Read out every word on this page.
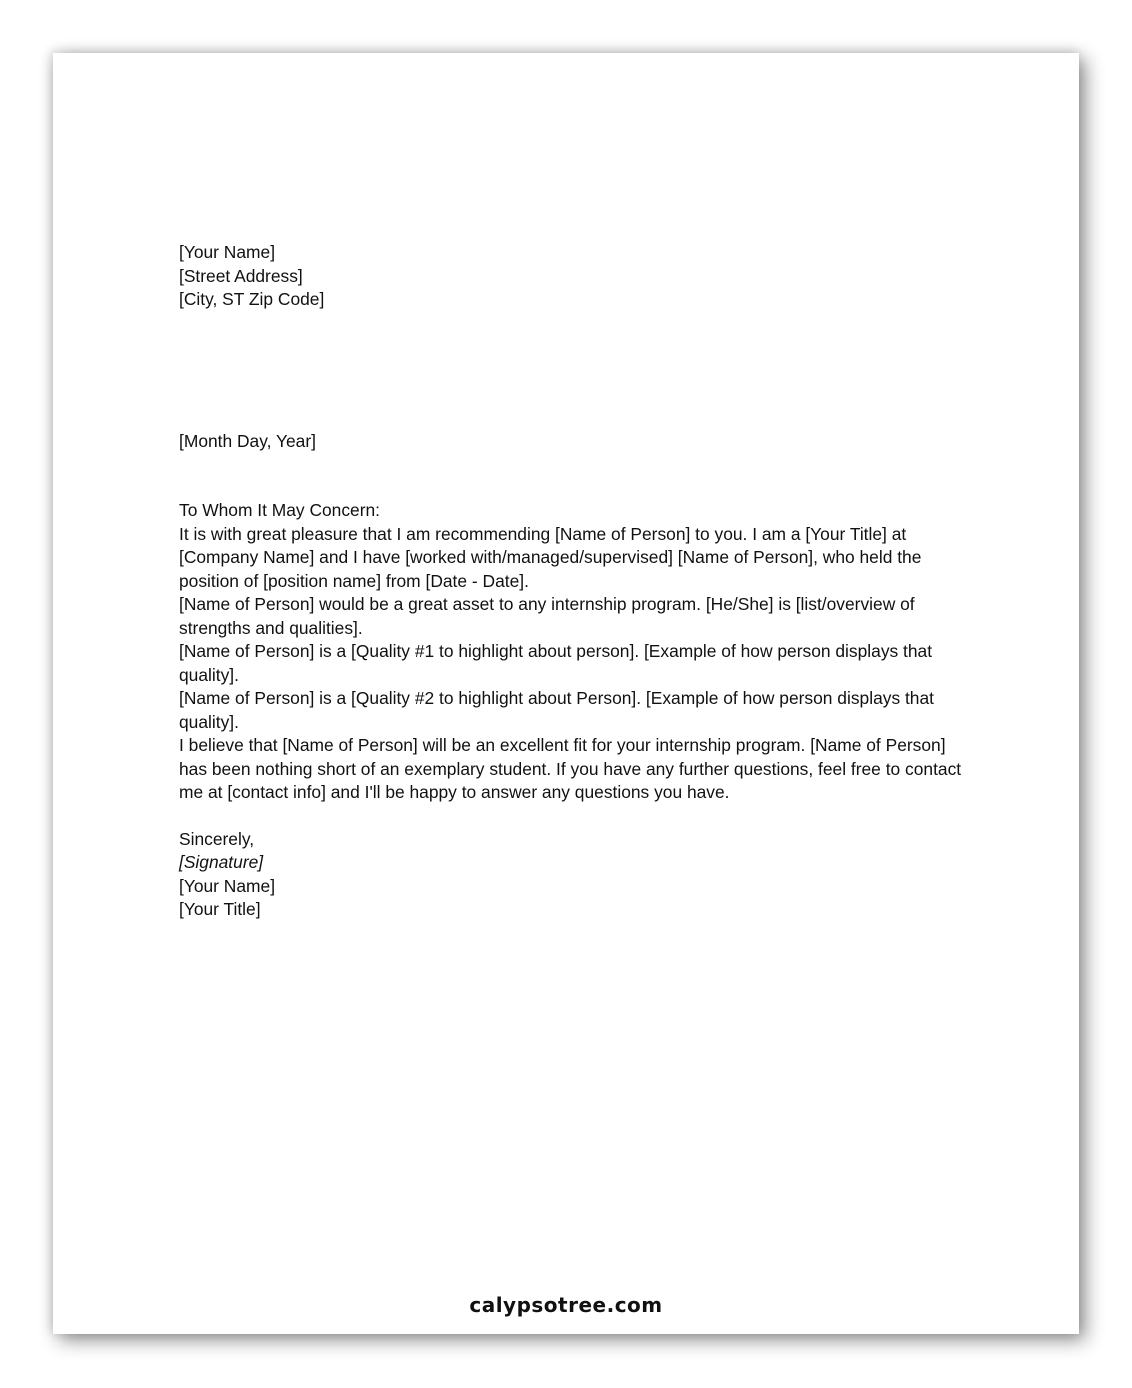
[Your Name]
[Street Address]
[City, ST Zip Code]
[Month Day, Year]
To Whom It May Concern:
It is with great pleasure that I am recommending [Name of Person] to you. I am a [Your Title] at [Company Name] and I have [worked with/managed/supervised] [Name of Person], who held the position of [position name] from [Date - Date].
[Name of Person] would be a great asset to any internship program. [He/She] is [list/overview of strengths and qualities].
[Name of Person] is a [Quality #1 to highlight about person]. [Example of how person displays that quality].
[Name of Person] is a [Quality #2 to highlight about Person]. [Example of how person displays that quality].
I believe that [Name of Person] will be an excellent fit for your internship program. [Name of Person] has been nothing short of an exemplary student. If you have any further questions, feel free to contact me at [contact info] and I'll be happy to answer any questions you have.
Sincerely,
[Signature]
[Your Name]
[Your Title]
calypsotree.com
